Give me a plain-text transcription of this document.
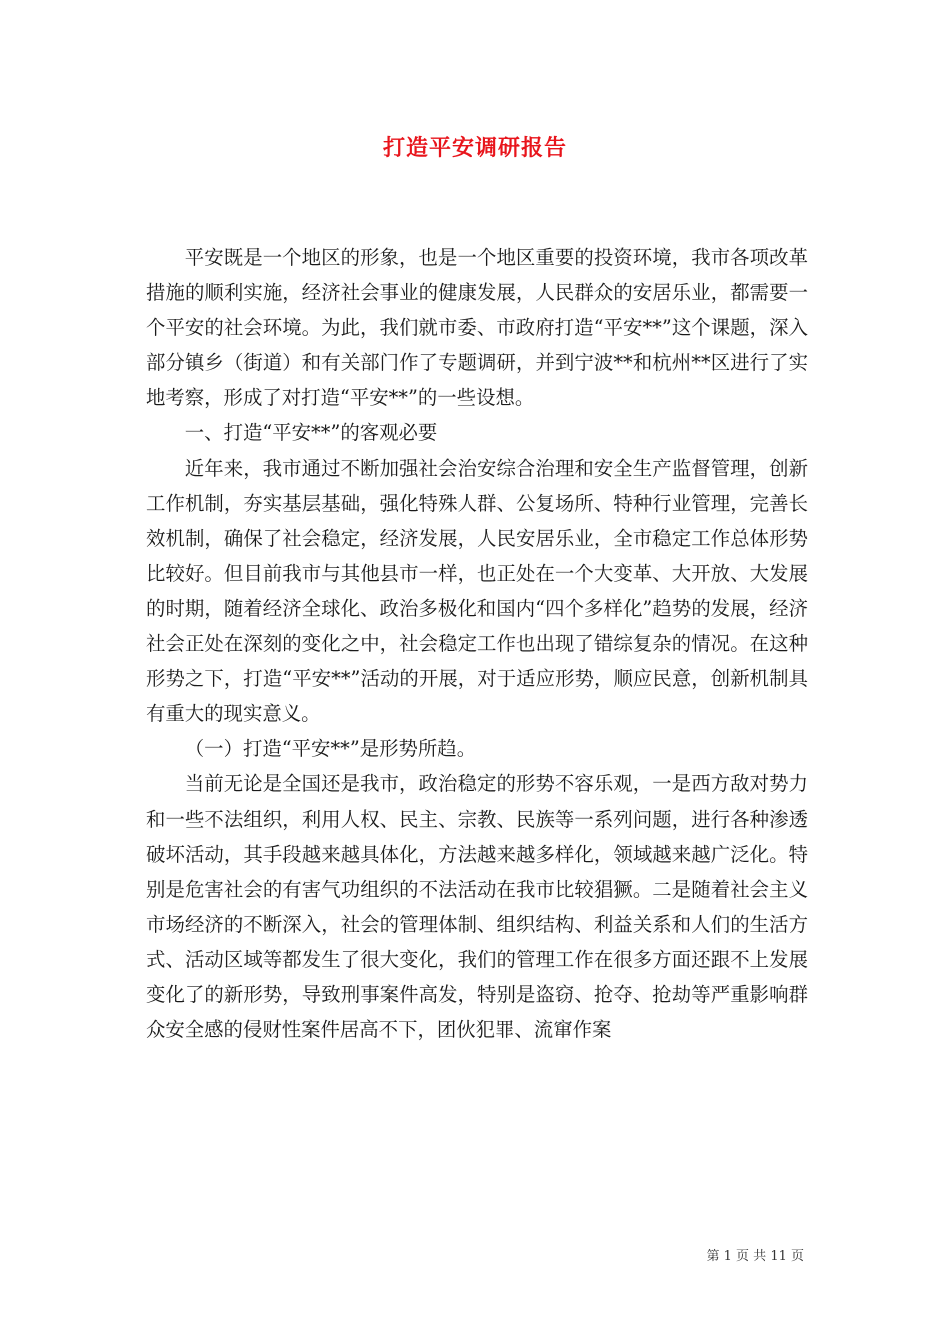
打造平安调研报告

平安既是一个地区的形象，也是一个地区重要的投资环境，我市各项改革措施的顺利实施，经济社会事业的健康发展，人民群众的安居乐业，都需要一个平安的社会环境。为此，我们就市委、市政府打造“平安**”这个课题，深入部分镇乡（街道）和有关部门作了专题调研，并到宁波**和杭州**区进行了实地考察，形成了对打造“平安**”的一些设想。

一、打造“平安**”的客观必要

近年来，我市通过不断加强社会治安综合治理和安全生产监督管理，创新工作机制，夯实基层基础，强化特殊人群、公复场所、特种行业管理，完善长效机制，确保了社会稳定，经济发展，人民安居乐业，全市稳定工作总体形势比较好。但目前我市与其他县市一样，也正处在一个大变革、大开放、大发展的时期，随着经济全球化、政治多极化和国内“四个多样化”趋势的发展，经济社会正处在深刻的变化之中，社会稳定工作也出现了错综复杂的情况。在这种形势之下，打造“平安**”活动的开展，对于适应形势，顺应民意，创新机制具有重大的现实意义。

（一）打造“平安**”是形势所趋。

当前无论是全国还是我市，政治稳定的形势不容乐观，一是西方敌对势力和一些不法组织，利用人权、民主、宗教、民族等一系列问题，进行各种渗透破坏活动，其手段越来越具体化，方法越来越多样化，领域越来越广泛化。特别是危害社会的有害气功组织的不法活动在我市比较猖獗。二是随着社会主义市场经济的不断深入，社会的管理体制、组织结构、利益关系和人们的生活方式、活动区域等都发生了很大变化，我们的管理工作在很多方面还跟不上发展变化了的新形势，导致刑事案件高发，特别是盗窃、抢夺、抢劫等严重影响群众安全感的侵财性案件居高不下，团伙犯罪、流窜作案

第 1 页 共 11 页
